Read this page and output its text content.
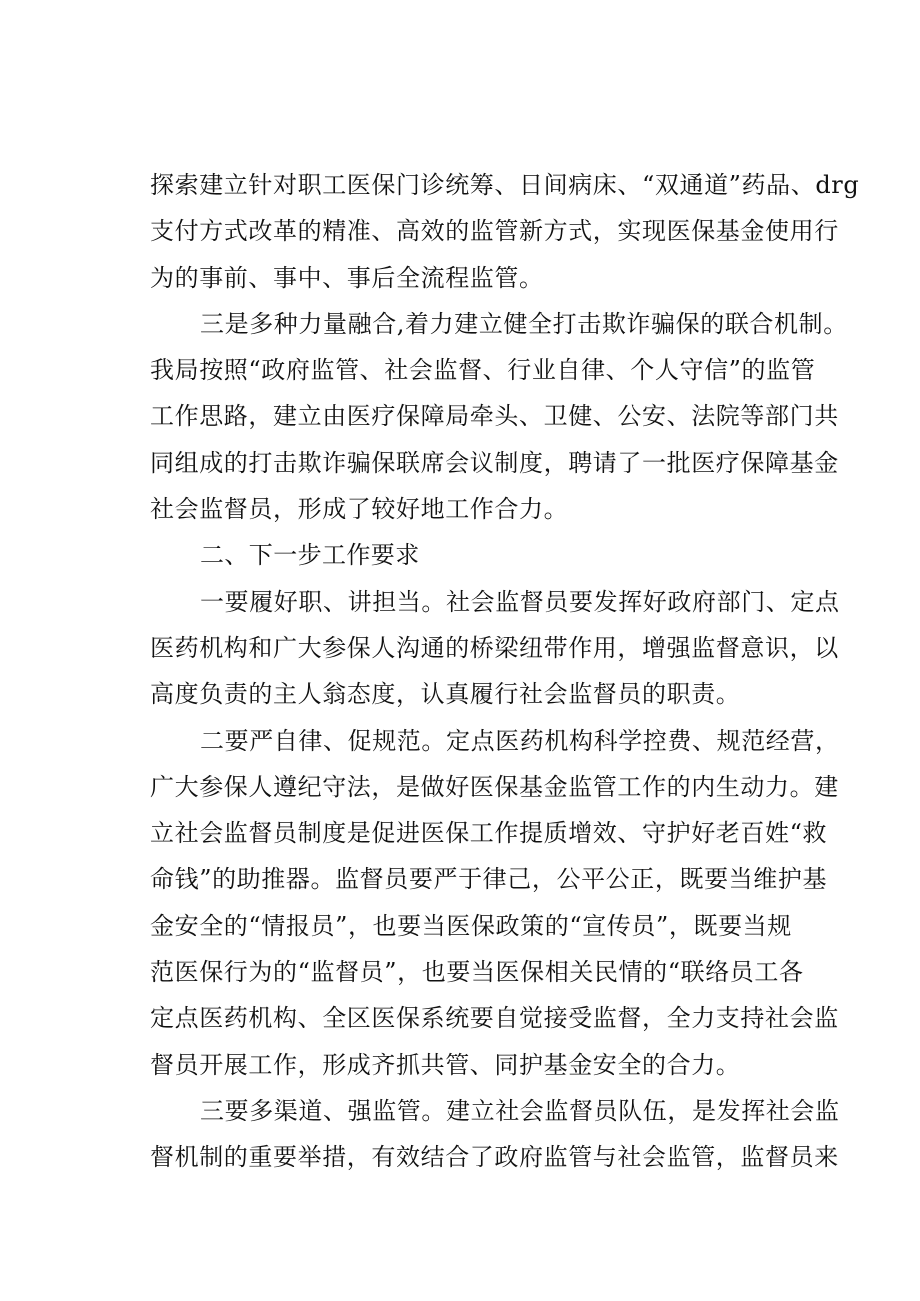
探索建立针对职工医保门诊统筹、日间病床、“双通道”药品、drg
支付方式改革的精准、高效的监管新方式，实现医保基金使用行
为的事前、事中、事后全流程监管。
三是多种力量融合,着力建立健全打击欺诈骗保的联合机制。
我局按照“政府监管、社会监督、行业自律、个人守信”的监管
工作思路，建立由医疗保障局牵头、卫健、公安、法院等部门共
同组成的打击欺诈骗保联席会议制度，聘请了一批医疗保障基金
社会监督员，形成了较好地工作合力。
二、下一步工作要求
一要履好职、讲担当。社会监督员要发挥好政府部门、定点
医药机构和广大参保人沟通的桥梁纽带作用，增强监督意识，以
高度负责的主人翁态度，认真履行社会监督员的职责。
二要严自律、促规范。定点医药机构科学控费、规范经营，
广大参保人遵纪守法，是做好医保基金监管工作的内生动力。建
立社会监督员制度是促进医保工作提质增效、守护好老百姓“救
命钱”的助推器。监督员要严于律己，公平公正，既要当维护基
金安全的“情报员”，也要当医保政策的“宣传员”，既要当规
范医保行为的“监督员”，也要当医保相关民情的“联络员工各
定点医药机构、全区医保系统要自觉接受监督，全力支持社会监
督员开展工作，形成齐抓共管、同护基金安全的合力。
三要多渠道、强监管。建立社会监督员队伍，是发挥社会监
督机制的重要举措，有效结合了政府监管与社会监管，监督员来
